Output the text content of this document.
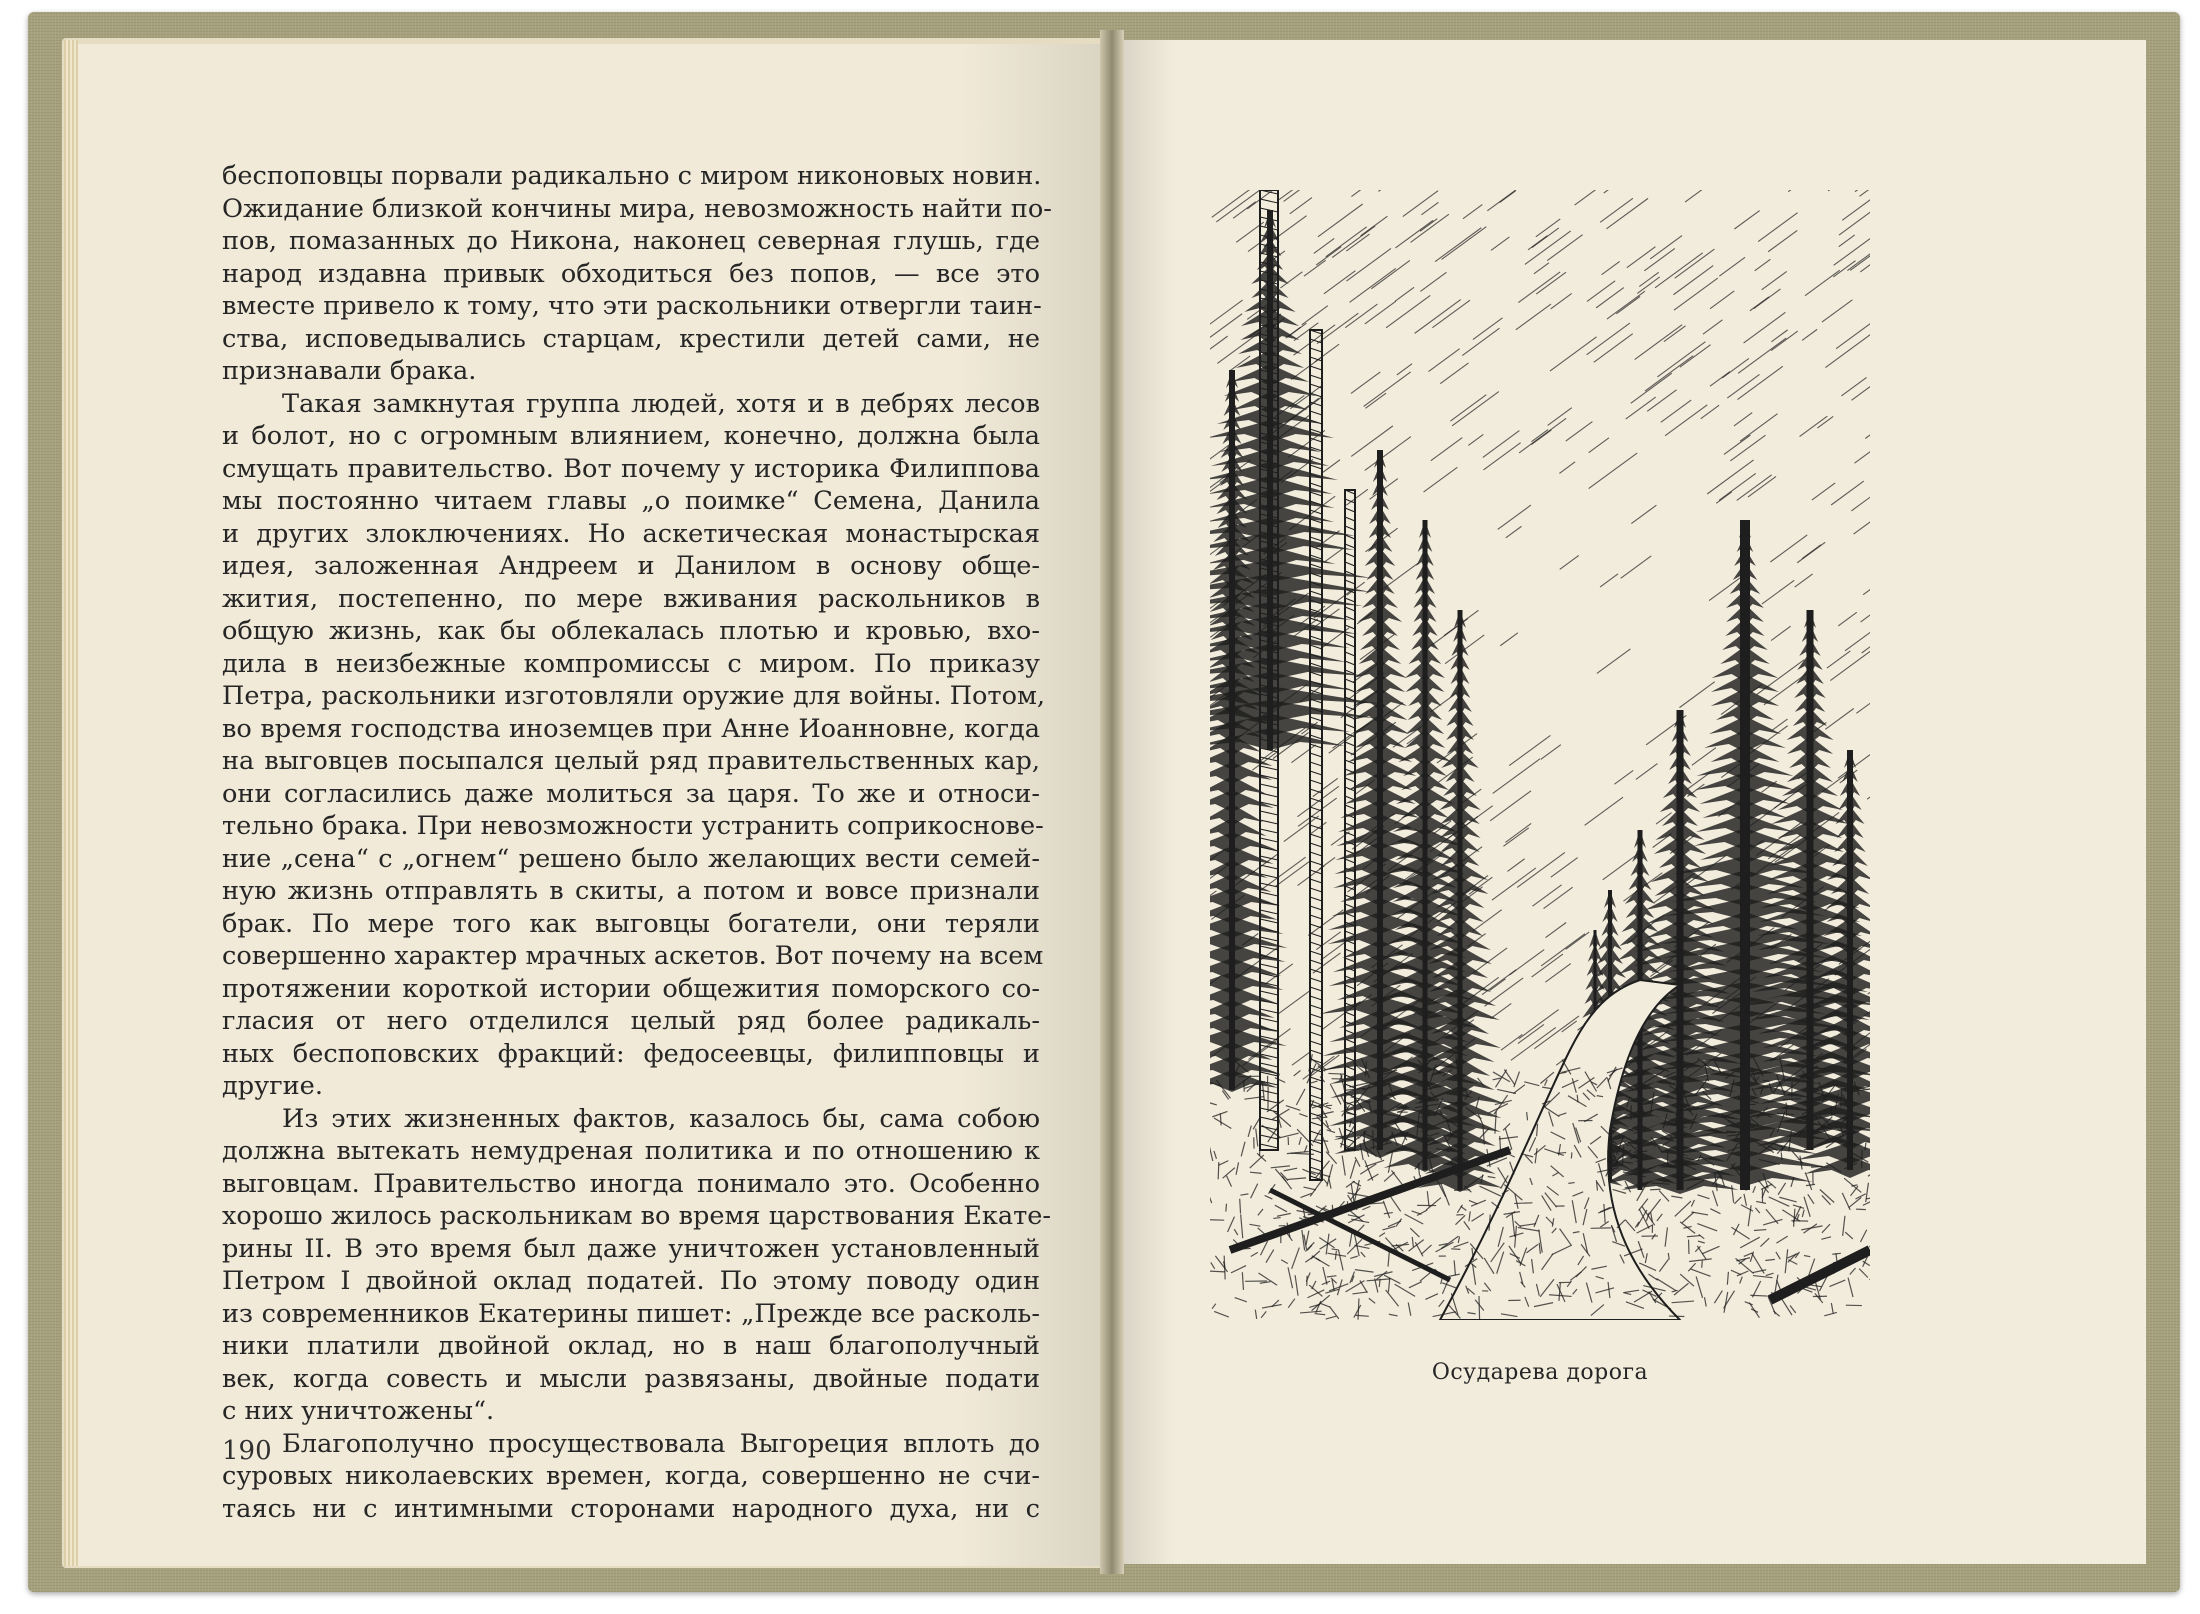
беспоповцы порвали радикально с миром никоновых новин.
Ожидание близкой кончины мира, невозможность найти по-
пов, помазанных до Никона, наконец северная глушь, где
народ издавна привык обходиться без попов, — все это
вместе привело к тому, что эти раскольники отвергли таин-
ства, исповедывались старцам, крестили детей сами, не
признавали брака.
Такая замкнутая группа людей, хотя и в дебрях лесов
и болот, но с огромным влиянием, конечно, должна была
смущать правительство. Вот почему у историка Филиппова
мы постоянно читаем главы „о поимке“ Семена, Данила
и других злоключениях. Но аскетическая монастырская
идея, заложенная Андреем и Данилом в основу обще-
жития, постепенно, по мере вживания раскольников в
общую жизнь, как бы облекалась плотью и кровью, вхо-
дила в неизбежные компромиссы с миром. По приказу
Петра, раскольники изготовляли оружие для войны. Потом,
во время господства иноземцев при Анне Иоанновне, когда
на выговцев посыпался целый ряд правительственных кар,
они согласились даже молиться за царя. То же и относи-
тельно брака. При невозможности устранить соприкоснове-
ние „сена“ с „огнем“ решено было желающих вести семей-
ную жизнь отправлять в скиты, а потом и вовсе признали
брак. По мере того как выговцы богатели, они теряли
совершенно характер мрачных аскетов. Вот почему на всем
протяжении короткой истории общежития поморского со-
гласия от него отделился целый ряд более радикаль-
ных беспоповских фракций: федосеевцы, филипповцы и
другие.
Из этих жизненных фактов, казалось бы, сама собою
должна вытекать немудреная политика и по отношению к
выговцам. Правительство иногда понимало это. Особенно
хорошо жилось раскольникам во время царствования Екате-
рины II. В это время был даже уничтожен установленный
Петром I двойной оклад податей. По этому поводу один
из современников Екатерины пишет: „Прежде все расколь-
ники платили двойной оклад, но в наш благополучный
век, когда совесть и мысли развязаны, двойные подати
с них уничтожены“.
Благополучно просуществовала Выгореция вплоть до
суровых николаевских времен, когда, совершенно не счи-
таясь ни с интимными сторонами народного духа, ни с
190
Осударева дорога
